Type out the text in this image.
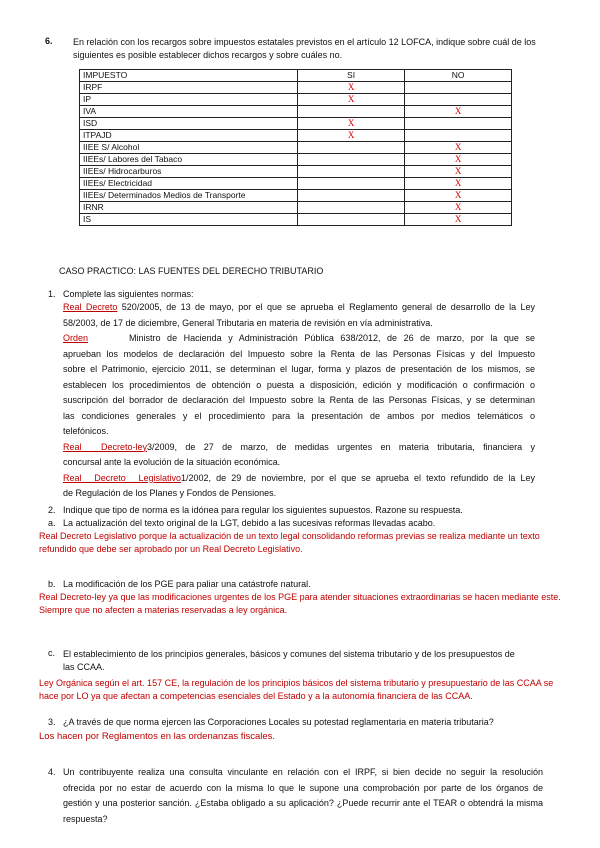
6. En relación con los recargos sobre impuestos estatales previstos en el artículo 12 LOFCA, indique sobre cuál de los
siguientes es posible establecer dichos recargos y sobre cuáles no.
IMPUESTO	SI	NO
IRPF	X	
IP	X	
IVA		X
ISD	X	
ITPAJD	X	
IIEE S/ Alcohol		X
IIEEs/ Labores del Tabaco		X
IIEEs/ Hidrocarburos		X
IIEEs/ Electricidad		X
IIEEs/ Determinados Medios de Transporte		X
IRNR		X
IS		X
CASO PRACTICO: LAS FUENTES DEL DERECHO TRIBUTARIO
1. Complete las siguientes normas:
Real Decreto 520/2005, de 13 de mayo, por el que se aprueba el Reglamento general de desarrollo de la Ley
58/2003, de 17 de diciembre, General Tributaria en materia de revisión en vía administrativa.
Orden	Ministro de Hacienda y Administración Pública 638/2012, de 26 de marzo, por la que se
aprueban los modelos de declaración del Impuesto sobre la Renta de las Personas Físicas y del Impuesto
sobre el Patrimonio, ejercicio 2011, se determinan el lugar, forma y plazos de presentación de los mismos, se
establecen los procedimientos de obtención o puesta a disposición, edición y modificación o confirmación o
suscripción del borrador de declaración del Impuesto sobre la Renta de las Personas Físicas, y se determinan
las condiciones generales y el procedimiento para la presentación de ambos por medios telemáticos o
telefónicos.
Real Decreto-ley3/2009, de 27 de marzo, de medidas urgentes en materia tributaria, financiera y
concursal ante la evolución de la situación económica.
Real Decreto Legislativo1/2002, de 29 de noviembre, por el que se aprueba el texto refundido de la Ley
de Regulación de los Planes y Fondos de Pensiones.
2. Indique que tipo de norma es la idónea para regular los siguientes supuestos. Razone su respuesta.
a. La actualización del texto original de la LGT, debido a las sucesivas reformas llevadas acabo.
Real Decreto Legislativo porque la actualización de un texto legal consolidando reformas previas se realiza mediante un texto
refundido que debe ser aprobado por un Real Decreto Legislativo.
b. La modificación de los PGE para paliar una catástrofe natural.
Real Decreto-ley ya que las modificaciones urgentes de los PGE para atender situaciones extraordinarias se hacen mediante este.
Siempre que no afecten a materias reservadas a ley orgánica.
c. El establecimiento de los principios generales, básicos y comunes del sistema tributario y de los presupuestos de
las CCAA.
Ley Orgánica según el art. 157 CE, la regulación de los principios básicos del sistema tributario y presupuestario de las CCAA se
hace por LO ya que afectan a competencias esenciales del Estado y a la autonomía financiera de las CCAA.
3. ¿A través de que norma ejercen las Corporaciones Locales su potestad reglamentaria en materia tributaria?
Los hacen por Reglamentos en las ordenanzas fiscales.
4. Un contribuyente realiza una consulta vinculante en relación con el IRPF, si bien decide no seguir la resolución
ofrecida por no estar de acuerdo con la misma lo que le supone una comprobación por parte de los órganos de
gestión y una posterior sanción. ¿Estaba obligado a su aplicación? ¿Puede recurrir ante el TEAR o obtendrá la misma
respuesta?
